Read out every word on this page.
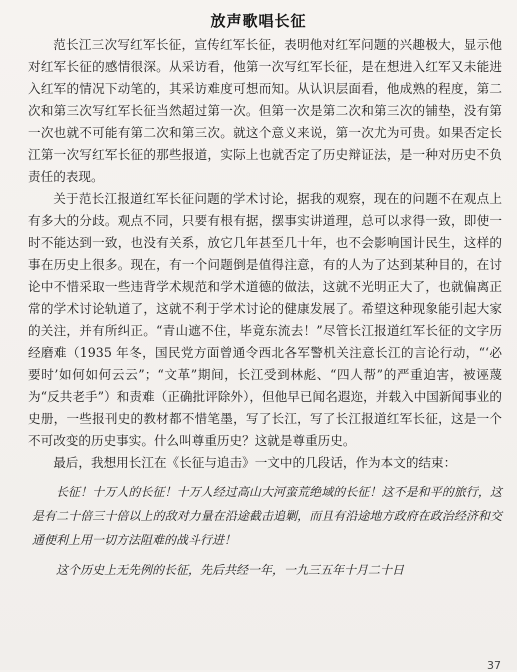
放声歌唱长征

范长江三次写红军长征，宣传红军长征，表明他对红军问题的兴趣极大，显示他对红军长征的感情很深。从采访看，他第一次写红军长征，是在想进入红军又未能进入红军的情况下动笔的，其采访难度可想而知。从认识层面看，他成熟的程度，第二次和第三次写红军长征当然超过第一次。但第一次是第二次和第三次的铺垫，没有第一次也就不可能有第二次和第三次。就这个意义来说，第一次尤为可贵。如果否定长江第一次写红军长征的那些报道，实际上也就否定了历史辩证法，是一种对历史不负责任的表现。

关于范长江报道红军长征问题的学术讨论，据我的观察，现在的问题不在观点上有多大的分歧。观点不同，只要有根有据，摆事实讲道理，总可以求得一致，即使一时不能达到一致，也没有关系，放它几年甚至几十年，也不会影响国计民生，这样的事在历史上很多。现在，有一个问题倒是值得注意，有的人为了达到某种目的，在讨论中不惜采取一些违背学术规范和学术道德的做法，这就不光明正大了，也就偏离正常的学术讨论轨道了，这就不利于学术讨论的健康发展了。希望这种现象能引起大家的关注，并有所纠正。“青山遮不住，毕竟东流去！”尽管长江报道红军长征的文字历经磨难（1935 年冬，国民党方面曾通令西北各军警机关注意长江的言论行动，“‘必要时’如何如何云云”；“文革”期间，长江受到林彪、“四人帮”的严重迫害，被诬蔑为“反共老手”）和责难（正确批评除外），但他早已闻名遐迩，并载入中国新闻事业的史册，一些报刊史的教材都不惜笔墨，写了长江，写了长江报道红军长征，这是一个不可改变的历史事实。什么叫尊重历史？这就是尊重历史。

最后，我想用长江在《长征与追击》一文中的几段话，作为本文的结束：

长征！十万人的长征！十万人经过高山大河蛮荒绝域的长征！这不是和平的旅行，这是有二十倍三十倍以上的敌对力量在沿途截击追剿，而且有沿途地方政府在政治经济和交通便利上用一切方法阻难的战斗行进！

这个历史上无先例的长征，先后共经一年，一九三五年十月二十日

37
